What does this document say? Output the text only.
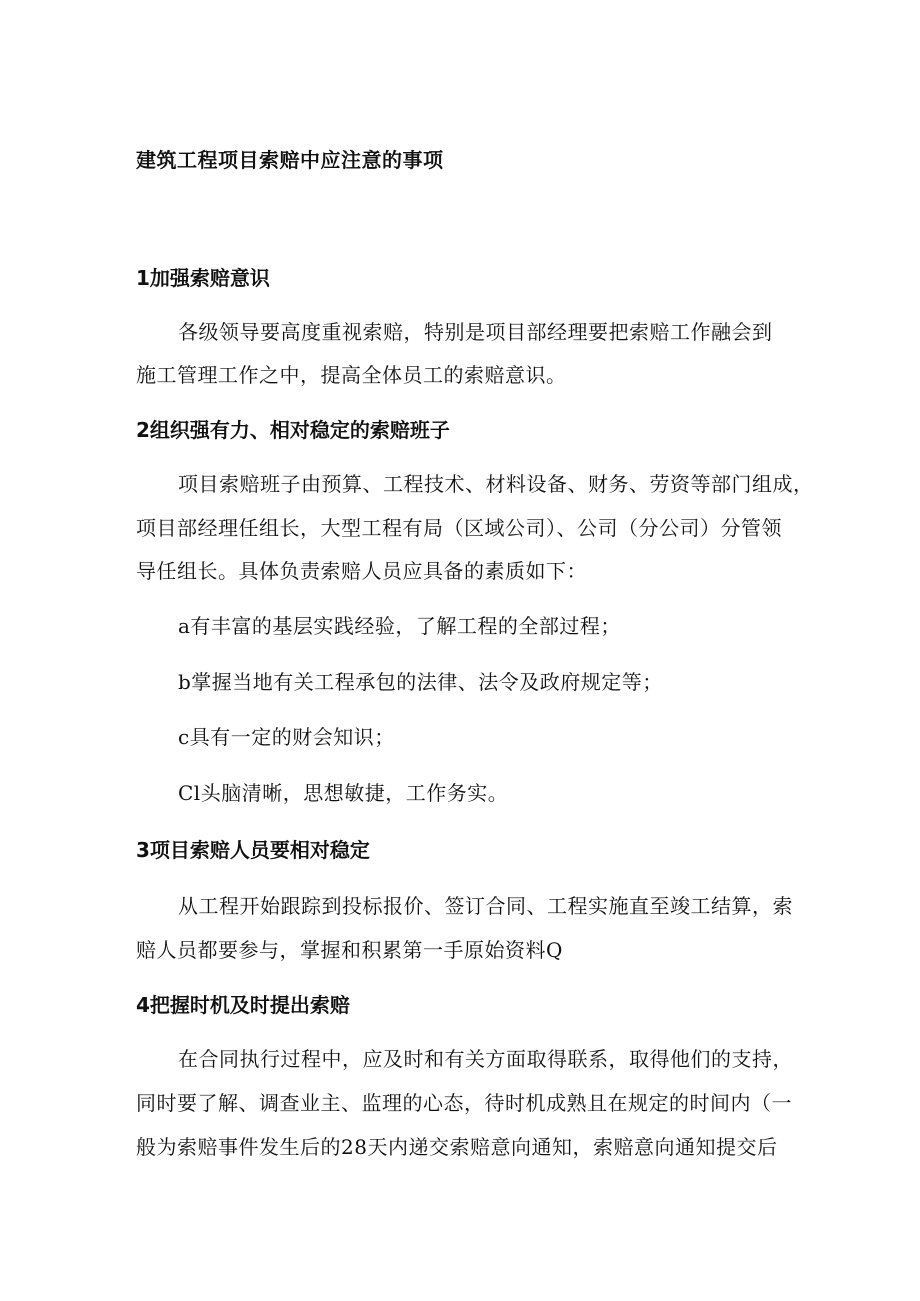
建筑工程项目索赔中应注意的事项
1加强索赔意识

各级领导要高度重视索赔，特别是项目部经理要把索赔工作融会到

施工管理工作之中，提高全体员工的索赔意识。

2组织强有力、相对稳定的索赔班子

项目索赔班子由预算、工程技术、材料设备、财务、劳资等部门组成，

项目部经理任组长，大型工程有局（区域公司）、公司（分公司）分管领

导任组长。具体负责索赔人员应具备的素质如下：

a有丰富的基层实践经验，了解工程的全部过程；

b掌握当地有关工程承包的法律、法令及政府规定等；

c具有一定的财会知识；

Cl头脑清晰，思想敏捷，工作务实。

3项目索赔人员要相对稳定

从工程开始跟踪到投标报价、签订合同、工程实施直至竣工结算，索

赔人员都要参与，掌握和积累第一手原始资料Q

4把握时机及时提出索赔

在合同执行过程中，应及时和有关方面取得联系，取得他们的支持，

同时要了解、调查业主、监理的心态，待时机成熟且在规定的时间内（一

般为索赔事件发生后的28天内递交索赔意向通知，索赔意向通知提交后
